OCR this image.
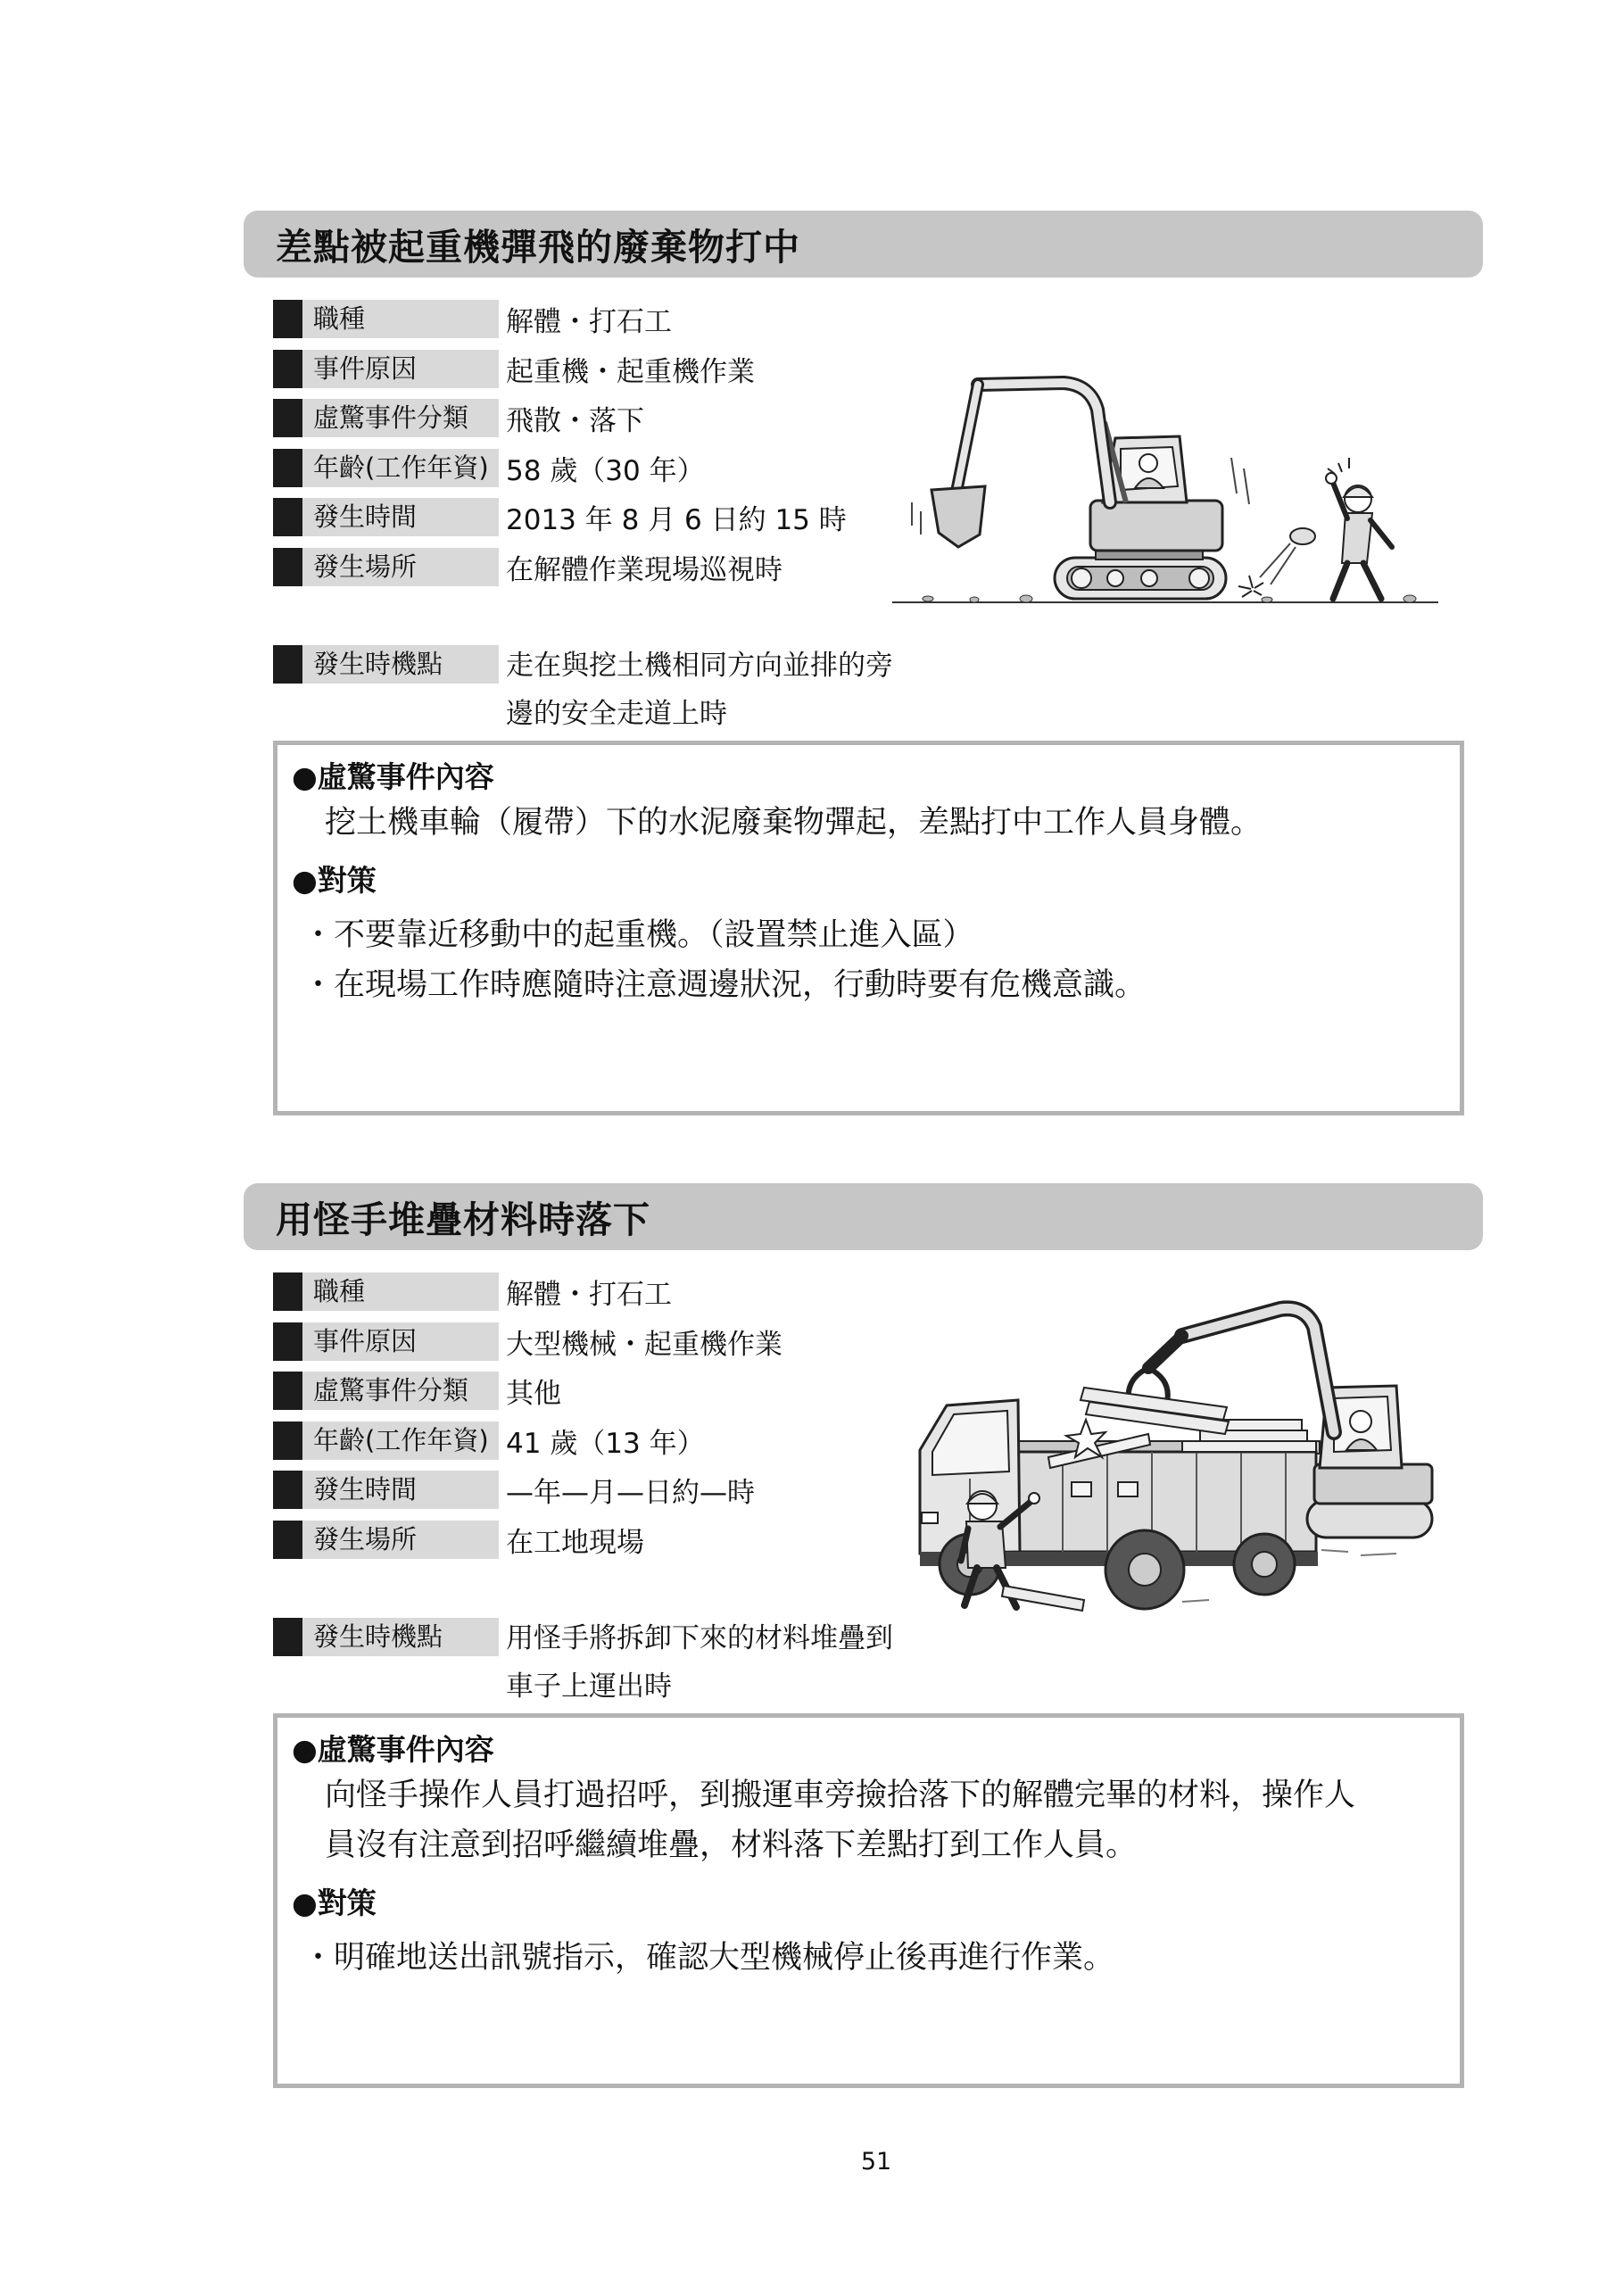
差點被起重機彈飛的廢棄物打中
職種	解體・打石工
事件原因	起重機・起重機作業
虛驚事件分類	飛散・落下
年齡(工作年資) 58 歲（30 年）
發生時間	2013 年 8 月 6 日約 15 時
發生場所	在解體作業現場巡視時
發生時機點	走在與挖土機相同方向並排的旁
邊的安全走道上時
●虛驚事件內容
挖土機車輪（履帶）下的水泥廢棄物彈起，差點打中工作人員身體。
●對策
・不要靠近移動中的起重機。（設置禁止進入區）
・在現場工作時應隨時注意週邊狀況，行動時要有危機意識。
用怪手堆疊材料時落下
職種	解體・打石工
事件原因	大型機械・起重機作業
虛驚事件分類	其他
年齡(工作年資) 41 歲（13 年）
發生時間	—年—月—日約—時
發生場所	在工地現場
發生時機點	用怪手將拆卸下來的材料堆疊到
車子上運出時
●虛驚事件內容
向怪手操作人員打過招呼，到搬運車旁撿拾落下的解體完畢的材料，操作人
員沒有注意到招呼繼續堆疊，材料落下差點打到工作人員。
●對策
・明確地送出訊號指示，確認大型機械停止後再進行作業。
51
